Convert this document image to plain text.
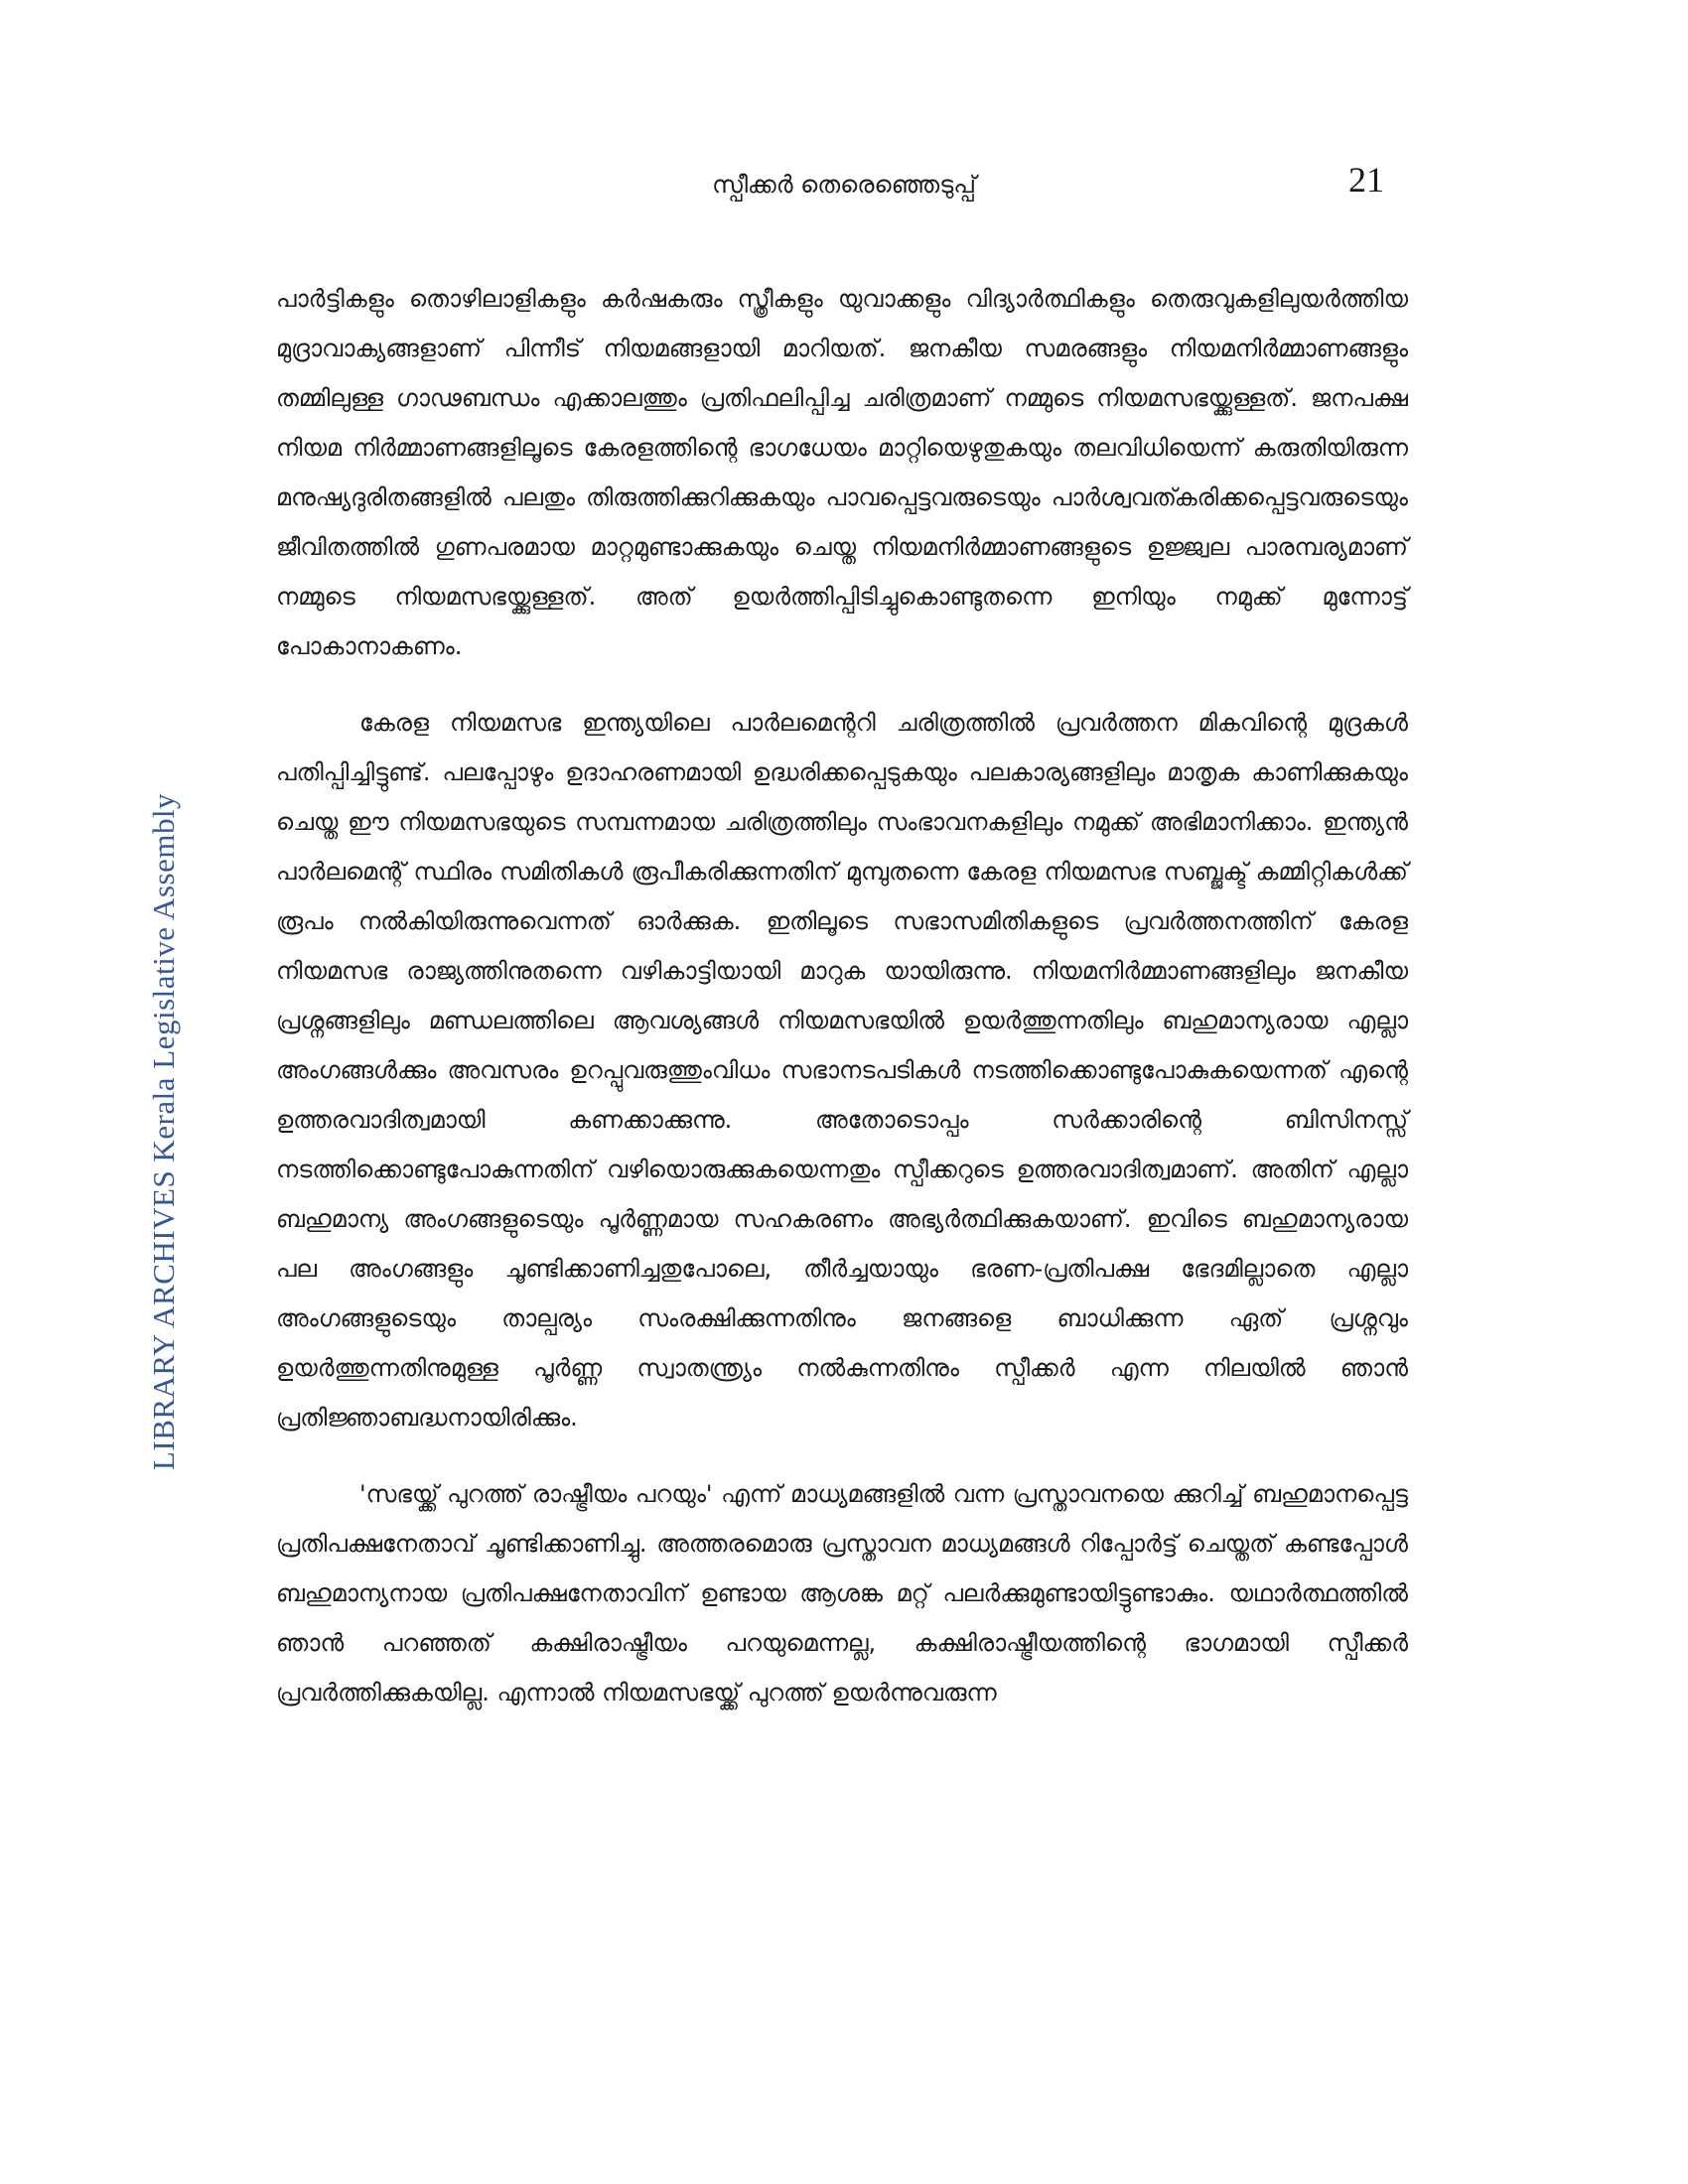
സ്പീക്കർ തെരെഞ്ഞെടുപ്പ്	21
LIBRARY ARCHIVES Kerala Legislative Assembly

പാർട്ടികളും തൊഴിലാളികളും കർഷകരും സ്ത്രീകളും യുവാക്കളും വിദ്യാർത്ഥികളും തെരുവുകളിലുയർത്തിയ മുദ്രാവാക്യങ്ങളാണ് പിന്നീട് നിയമങ്ങളായി മാറിയത്. ജനകീയ സമരങ്ങളും നിയമനിർമ്മാണങ്ങളും തമ്മിലുള്ള ഗാഢബന്ധം എക്കാലത്തും പ്രതിഫലിപ്പിച്ച ചരിത്രമാണ് നമ്മുടെ നിയമസഭയ്ക്കുള്ളത്. ജനപക്ഷ നിയമ നിർമ്മാണങ്ങളിലൂടെ കേരളത്തിന്റെ ഭാഗധേയം മാറ്റിയെഴുതുകയും തലവിധിയെന്ന് കരുതിയിരുന്ന മനുഷ്യദുരിതങ്ങളിൽ പലതും തിരുത്തിക്കുറിക്കുകയും പാവപ്പെട്ടവരുടെയും പാർശ്വവത്കരിക്കപ്പെട്ടവരുടെയും ജീവിതത്തിൽ ഗുണപരമായ മാറ്റമുണ്ടാക്കുകയും ചെയ്ത നിയമനിർമ്മാണങ്ങളുടെ ഉജ്ജ്വല പാരമ്പര്യമാണ് നമ്മുടെ നിയമസഭയ്ക്കുള്ളത്. അത് ഉയർത്തിപ്പിടിച്ചുകൊണ്ടുതന്നെ ഇനിയും നമുക്ക് മുന്നോട്ട് പോകാനാകണം.

കേരള നിയമസഭ ഇന്ത്യയിലെ പാർലമെന്ററി ചരിത്രത്തിൽ പ്രവർത്തന മികവിന്റെ മുദ്രകൾ പതിപ്പിച്ചിട്ടുണ്ട്. പലപ്പോഴും ഉദാഹരണമായി ഉദ്ധരിക്കപ്പെടുകയും പലകാര്യങ്ങളിലും മാതൃക കാണിക്കുകയും ചെയ്ത ഈ നിയമസഭയുടെ സമ്പന്നമായ ചരിത്രത്തിലും സംഭാവനകളിലും നമുക്ക് അഭിമാനിക്കാം. ഇന്ത്യൻ പാർലമെന്റ് സ്ഥിരം സമിതികൾ രൂപീകരിക്കുന്നതിന് മുമ്പുതന്നെ കേരള നിയമസഭ സബ്ജക്ട് കമ്മിറ്റികൾക്ക് രൂപം നൽകിയിരുന്നുവെന്നത് ഓർക്കുക. ഇതിലൂടെ സഭാസമിതികളുടെ പ്രവർത്തനത്തിന് കേരള നിയമസഭ രാജ്യത്തിനുതന്നെ വഴികാട്ടിയായി മാറുക യായിരുന്നു. നിയമനിർമ്മാണങ്ങളിലും ജനകീയ പ്രശ്നങ്ങളിലും മണ്ഡലത്തിലെ ആവശ്യങ്ങൾ നിയമസഭയിൽ ഉയർത്തുന്നതിലും ബഹുമാന്യരായ എല്ലാ അംഗങ്ങൾക്കും അവസരം ഉറപ്പുവരുത്തുംവിധം സഭാനടപടികൾ നടത്തിക്കൊണ്ടുപോകുകയെന്നത് എന്റെ ഉത്തരവാദിത്വമായി കണക്കാക്കുന്നു. അതോടൊപ്പം സർക്കാരിന്റെ ബിസിനസ്സ് നടത്തിക്കൊണ്ടുപോകുന്നതിന് വഴിയൊരുക്കുകയെന്നതും സ്പീക്കറുടെ ഉത്തരവാദിത്വമാണ്. അതിന് എല്ലാ ബഹുമാന്യ അംഗങ്ങളുടെയും പൂർണ്ണമായ സഹകരണം അഭ്യർത്ഥിക്കുകയാണ്. ഇവിടെ ബഹുമാന്യരായ പല അംഗങ്ങളും ചൂണ്ടിക്കാണിച്ചതുപോലെ, തീർച്ചയായും ഭരണ-പ്രതിപക്ഷ ഭേദമില്ലാതെ എല്ലാ അംഗങ്ങളുടെയും താല്പര്യം സംരക്ഷിക്കുന്നതിനും ജനങ്ങളെ ബാധിക്കുന്ന ഏത് പ്രശ്നവും ഉയർത്തുന്നതിനുമുള്ള പൂർണ്ണ സ്വാതന്ത്ര്യം നൽകുന്നതിനും സ്പീക്കർ എന്ന നിലയിൽ ഞാൻ പ്രതിജ്ഞാബദ്ധനായിരിക്കും.

'സഭയ്ക്ക് പുറത്ത് രാഷ്ട്രീയം പറയും' എന്ന് മാധ്യമങ്ങളിൽ വന്ന പ്രസ്താവനയെ ക്കുറിച്ച് ബഹുമാനപ്പെട്ട പ്രതിപക്ഷനേതാവ് ചൂണ്ടിക്കാണിച്ചു. അത്തരമൊരു പ്രസ്താവന മാധ്യമങ്ങൾ റിപ്പോർട്ട് ചെയ്തത് കണ്ടപ്പോൾ ബഹുമാന്യനായ പ്രതിപക്ഷനേതാവിന് ഉണ്ടായ ആശങ്ക മറ്റ് പലർക്കുമുണ്ടായിട്ടുണ്ടാകും. യഥാർത്ഥത്തിൽ ഞാൻ പറഞ്ഞത് കക്ഷിരാഷ്ട്രീയം പറയുമെന്നല്ല, കക്ഷിരാഷ്ട്രീയത്തിന്റെ ഭാഗമായി സ്പീക്കർ പ്രവർത്തിക്കുകയില്ല. എന്നാൽ നിയമസഭയ്ക്ക് പുറത്ത് ഉയർന്നുവരുന്ന
